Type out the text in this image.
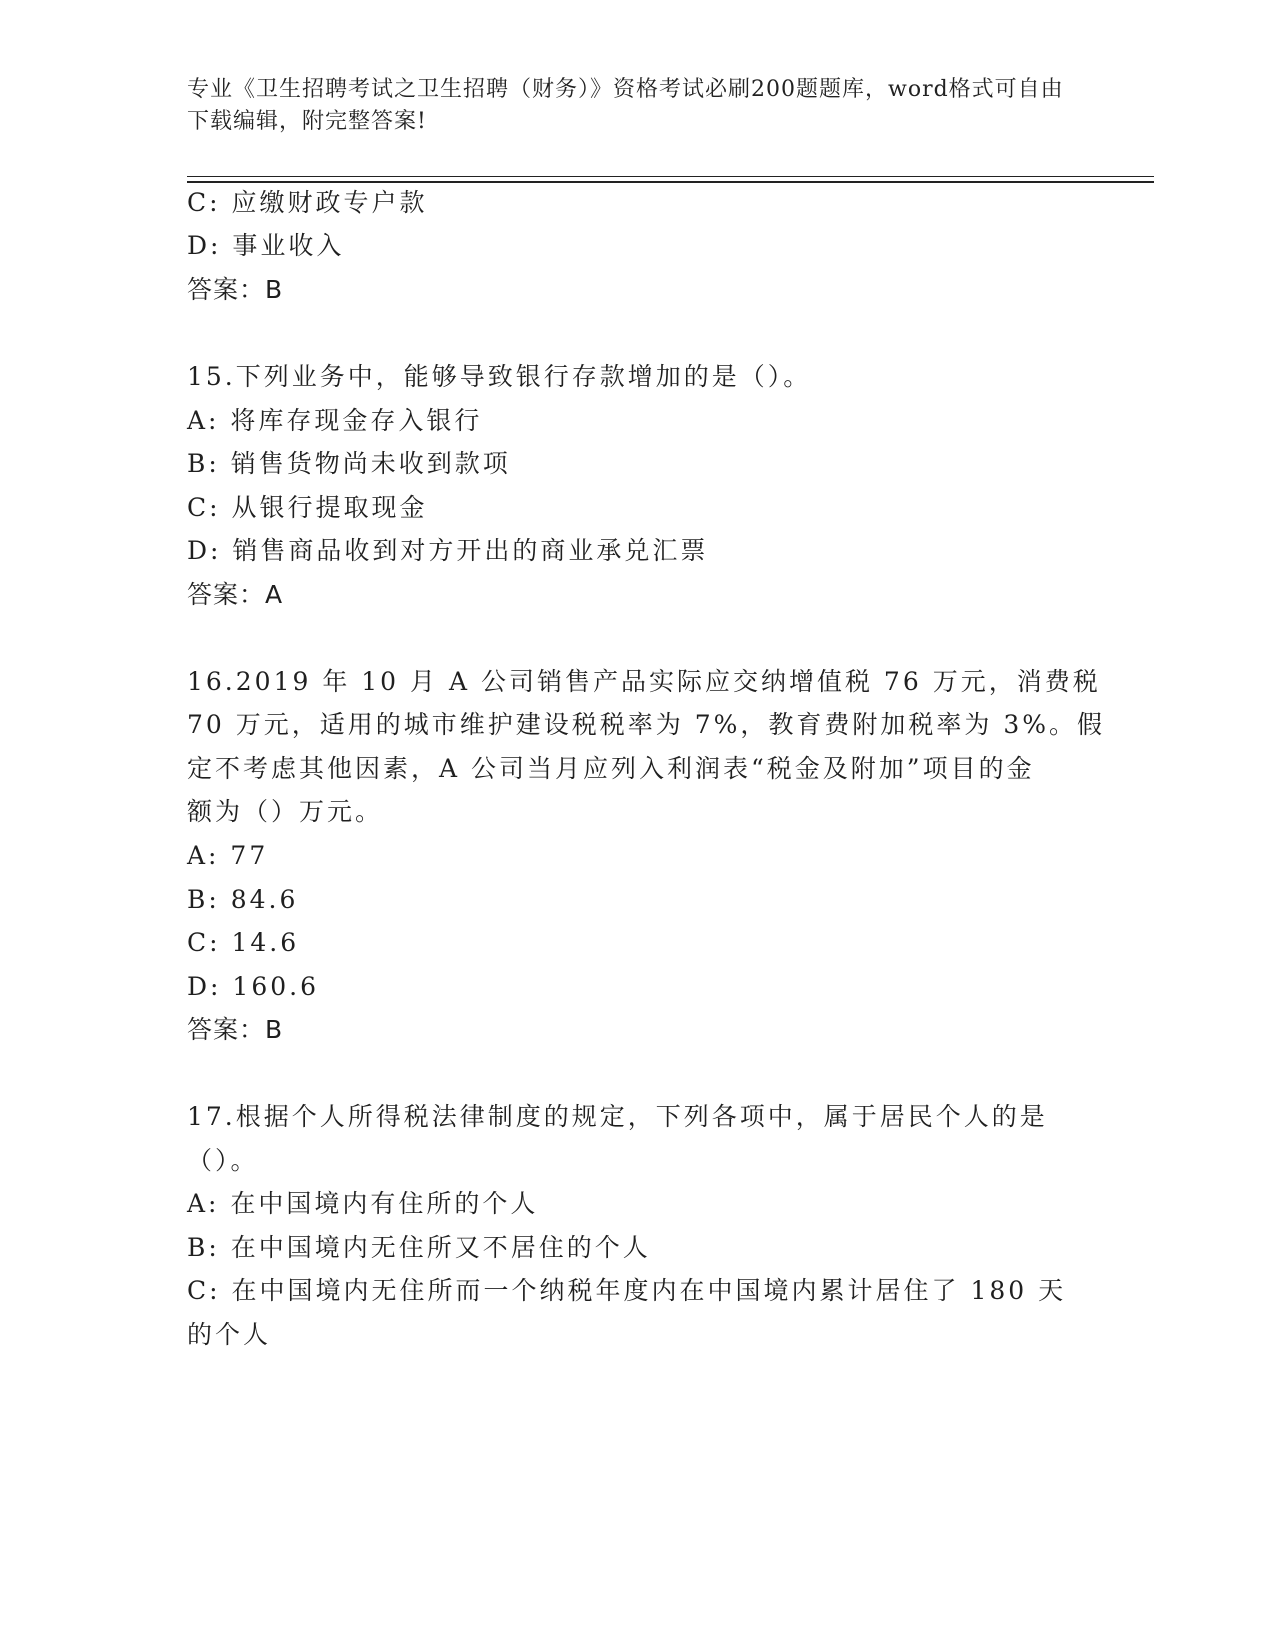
专业《卫生招聘考试之卫生招聘（财务）》资格考试必刷200题题库，word格式可自由下载编辑，附完整答案!
C: 应缴财政专户款
D: 事业收入
答案：B
15.下列业务中，能够导致银行存款增加的是（）。
A: 将库存现金存入银行
B: 销售货物尚未收到款项
C: 从银行提取现金
D: 销售商品收到对方开出的商业承兑汇票
答案：A
16.2019 年 10 月 A 公司销售产品实际应交纳增值税 76 万元，消费税
70 万元，适用的城市维护建设税税率为 7%，教育费附加税率为 3%。假
定不考虑其他因素，A 公司当月应列入利润表“税金及附加”项目的金
额为（）万元。
A: 77
B: 84.6
C: 14.6
D: 160.6
答案：B
17.根据个人所得税法律制度的规定，下列各项中，属于居民个人的是
（）。
A: 在中国境内有住所的个人
B: 在中国境内无住所又不居住的个人
C: 在中国境内无住所而一个纳税年度内在中国境内累计居住了 180 天
的个人
